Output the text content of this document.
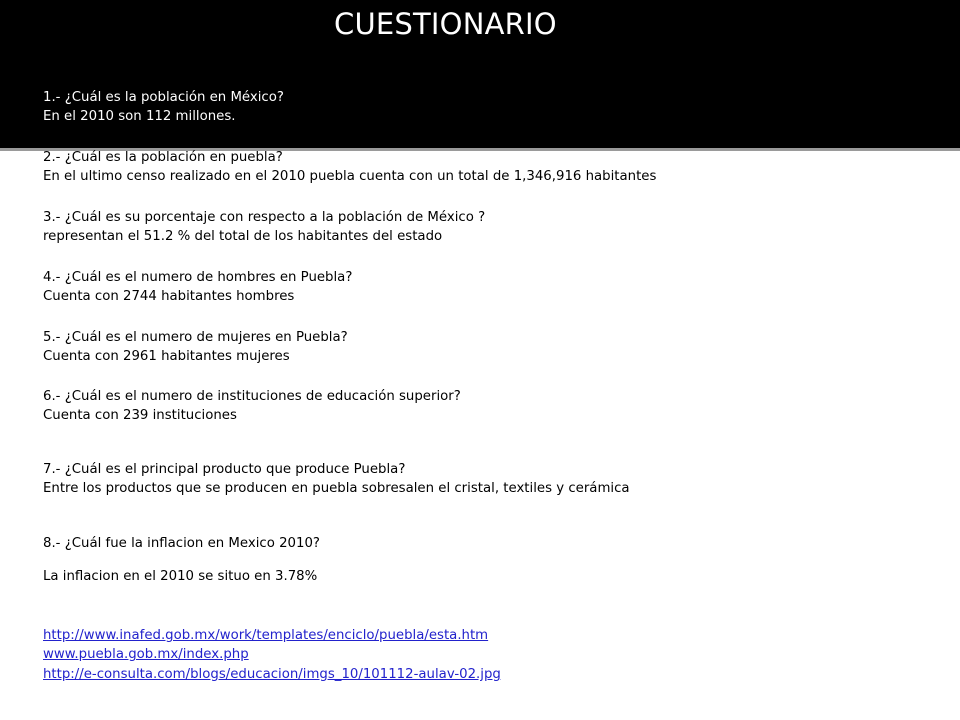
CUESTIONARIO
1.- ¿Cuál es la población en México?
En el 2010 son 112 millones.
2.- ¿Cuál es la población en puebla?
En el ultimo censo realizado en el 2010 puebla cuenta con un total de 1,346,916 habitantes
3.- ¿Cuál es su porcentaje con respecto a la población de México ?
representan el 51.2 % del total de los habitantes del estado
4.- ¿Cuál es el numero de hombres en Puebla?
Cuenta con 2744 habitantes hombres
5.- ¿Cuál es el numero de mujeres en Puebla?
Cuenta con 2961 habitantes mujeres
6.- ¿Cuál es el numero de instituciones de educación superior?
Cuenta con 239 instituciones
7.- ¿Cuál es el principal producto que produce Puebla?
Entre los productos que se producen en puebla sobresalen el cristal, textiles y cerámica
8.- ¿Cuál fue la inflacion en Mexico 2010?
La inflacion en el 2010 se situo en 3.78%
http://www.inafed.gob.mx/work/templates/enciclo/puebla/esta.htm
www.puebla.gob.mx/index.php
http://e-consulta.com/blogs/educacion/imgs_10/101112-aulav-02.jpg
